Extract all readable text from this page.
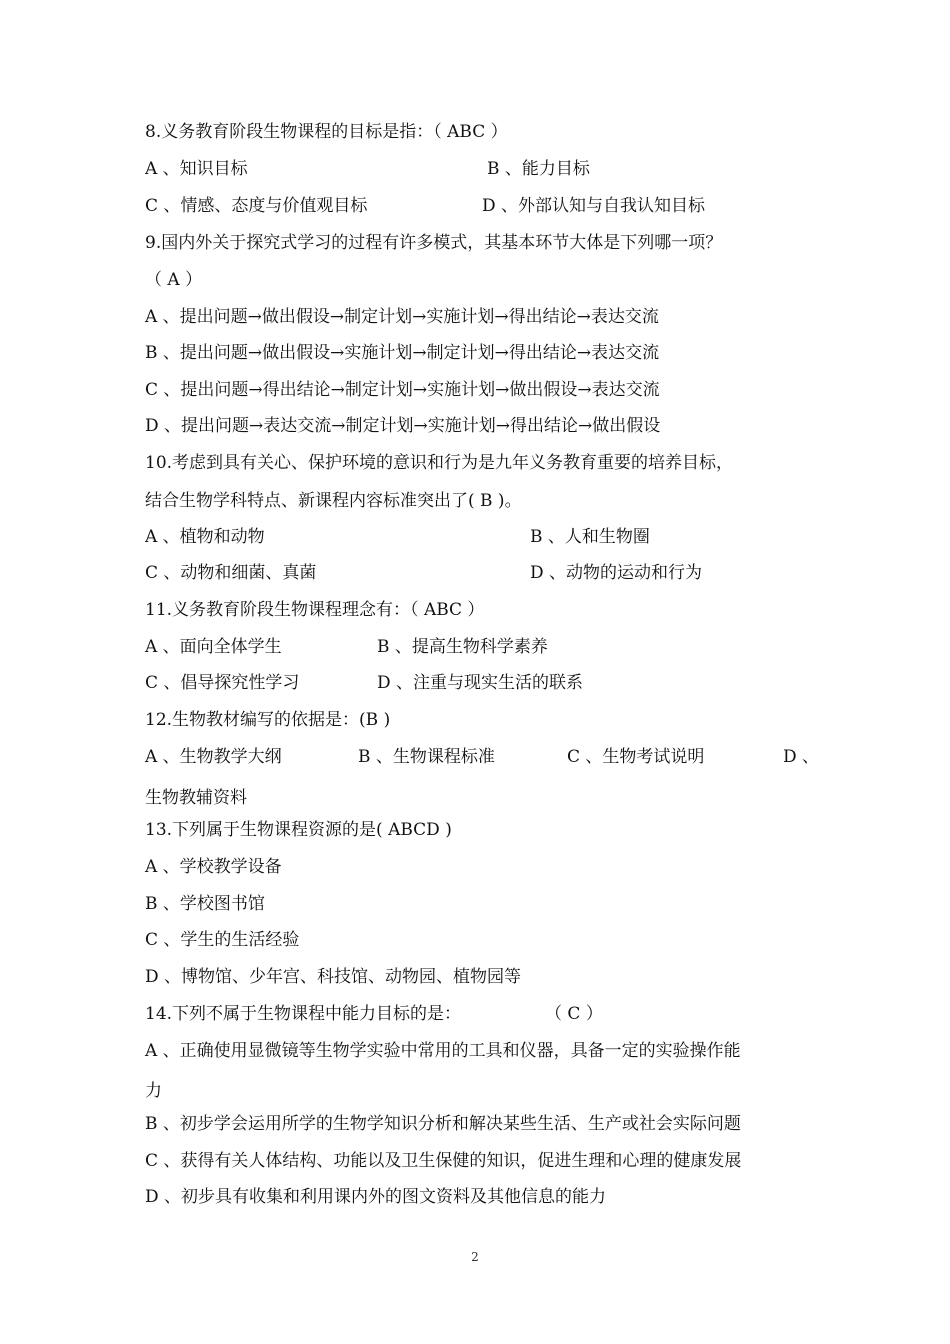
8.义务教育阶段生物课程的目标是指：（ ABC ）
A 、知识目标	B 、能力目标
C 、情感、态度与价值观目标	D 、外部认知与自我认知目标
9.国内外关于探究式学习的过程有许多模式，其基本环节大体是下列哪一项？
（ A ）
A 、提出问题→做出假设→制定计划→实施计划→得出结论→表达交流
B 、提出问题→做出假设→实施计划→制定计划→得出结论→表达交流
C 、提出问题→得出结论→制定计划→实施计划→做出假设→表达交流
D 、提出问题→表达交流→制定计划→实施计划→得出结论→做出假设
10.考虑到具有关心、保护环境的意识和行为是九年义务教育重要的培养目标，
结合生物学科特点、新课程内容标准突出了( B )。
A 、植物和动物	B 、人和生物圈
C 、动物和细菌、真菌	D 、动物的运动和行为
11.义务教育阶段生物课程理念有：（ ABC ）
A 、面向全体学生	B 、提高生物科学素养
C 、倡导探究性学习	D 、注重与现实生活的联系
12.生物教材编写的依据是：(B )
A 、生物教学大纲	B 、生物课程标准	C 、生物考试说明	D 、
生物教辅资料
13.下列属于生物课程资源的是( ABCD )
A 、学校教学设备
B 、学校图书馆
C 、学生的生活经验
D 、博物馆、少年宫、科技馆、动物园、植物园等
14.下列不属于生物课程中能力目标的是：	（ C ）
A 、正确使用显微镜等生物学实验中常用的工具和仪器，具备一定的实验操作能
力
B 、初步学会运用所学的生物学知识分析和解决某些生活、生产或社会实际问题
C 、获得有关人体结构、功能以及卫生保健的知识，促进生理和心理的健康发展
D 、初步具有收集和利用课内外的图文资料及其他信息的能力
2
